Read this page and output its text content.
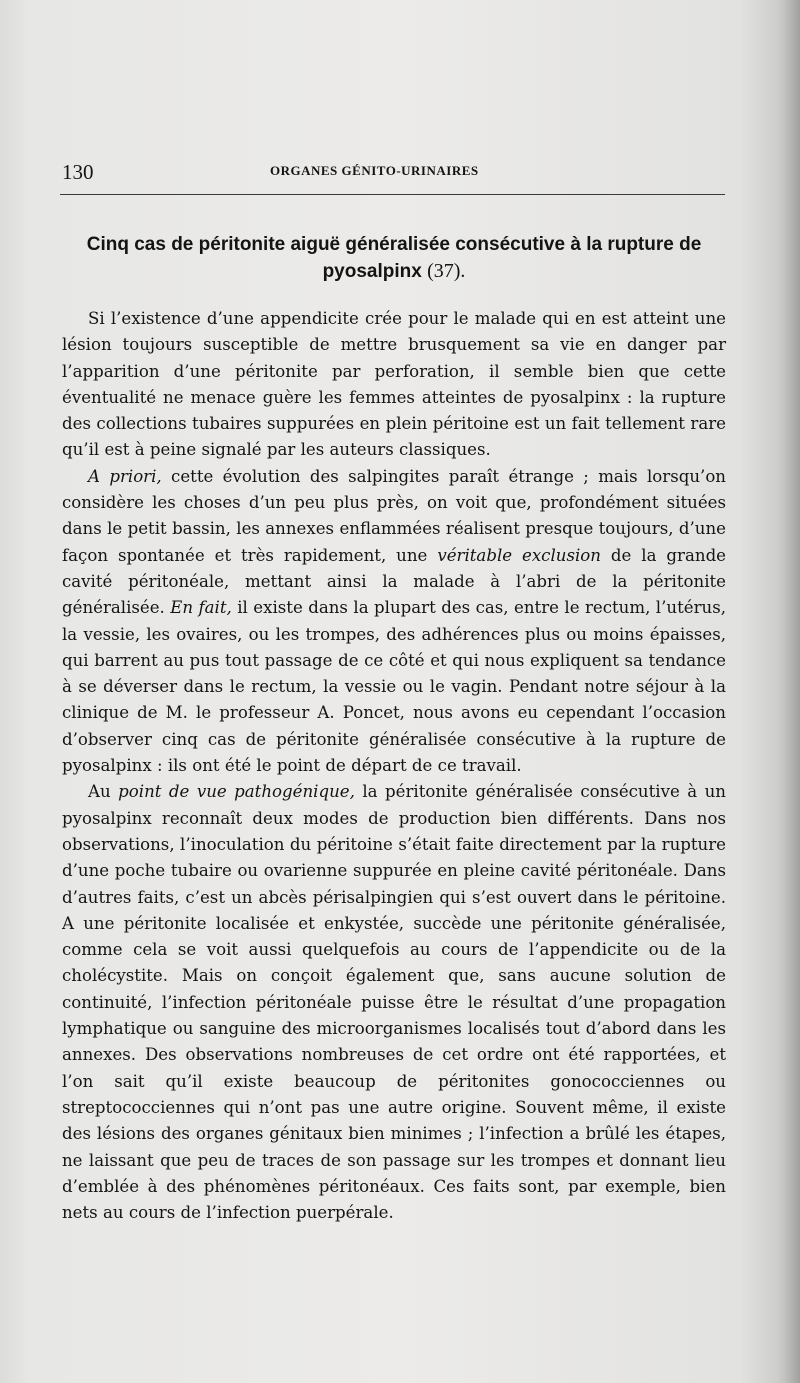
130	ORGANES GÉNITO-URINAIRES
Cinq cas de péritonite aiguë généralisée consécutive à la rupture de pyosalpinx (37).

Si l’existence d’une appendicite crée pour le malade qui en est atteint une lésion toujours susceptible de mettre brusquement sa vie en danger par l’apparition d’une péritonite par perforation, il semble bien que cette éventualité ne menace guère les femmes atteintes de pyosalpinx : la rupture des collections tubaires suppurées en plein péritoine est un fait tellement rare qu’il est à peine signalé par les auteurs classiques.

A priori, cette évolution des salpingites paraît étrange ; mais lorsqu’on considère les choses d’un peu plus près, on voit que, profondément situées dans le petit bassin, les annexes enflammées réalisent presque toujours, d’une façon spontanée et très rapidement, une véritable exclusion de la grande cavité péritonéale, mettant ainsi la malade à l’abri de la péritonite généralisée. En fait, il existe dans la plupart des cas, entre le rectum, l’utérus, la vessie, les ovaires, ou les trompes, des adhérences plus ou moins épaisses, qui barrent au pus tout passage de ce côté et qui nous expliquent sa tendance à se déverser dans le rectum, la vessie ou le vagin. Pendant notre séjour à la clinique de M. le professeur A. Poncet, nous avons eu cependant l’occasion d’observer cinq cas de péritonite généralisée consécutive à la rupture de pyosalpinx : ils ont été le point de départ de ce travail.

Au point de vue pathogénique, la péritonite généralisée consécutive à un pyosalpinx reconnaît deux modes de production bien différents. Dans nos observations, l’inoculation du péritoine s’était faite directement par la rupture d’une poche tubaire ou ovarienne suppurée en pleine cavité péritonéale. Dans d’autres faits, c’est un abcès périsalpingien qui s’est ouvert dans le péritoine. A une péritonite localisée et enkystée, succède une péritonite généralisée, comme cela se voit aussi quelquefois au cours de l’appendicite ou de la cholécystite. Mais on conçoit également que, sans aucune solution de continuité, l’infection péritonéale puisse être le résultat d’une propagation lymphatique ou sanguine des microorganismes localisés tout d’abord dans les annexes. Des observations nombreuses de cet ordre ont été rapportées, et l’on sait qu’il existe beaucoup de péritonites gonococciennes ou streptococciennes qui n’ont pas une autre origine. Souvent même, il existe des lésions des organes génitaux bien minimes ; l’infection a brûlé les étapes, ne laissant que peu de traces de son passage sur les trompes et donnant lieu d’emblée à des phénomènes péritonéaux. Ces faits sont, par exemple, bien nets au cours de l’infection puerpérale.
